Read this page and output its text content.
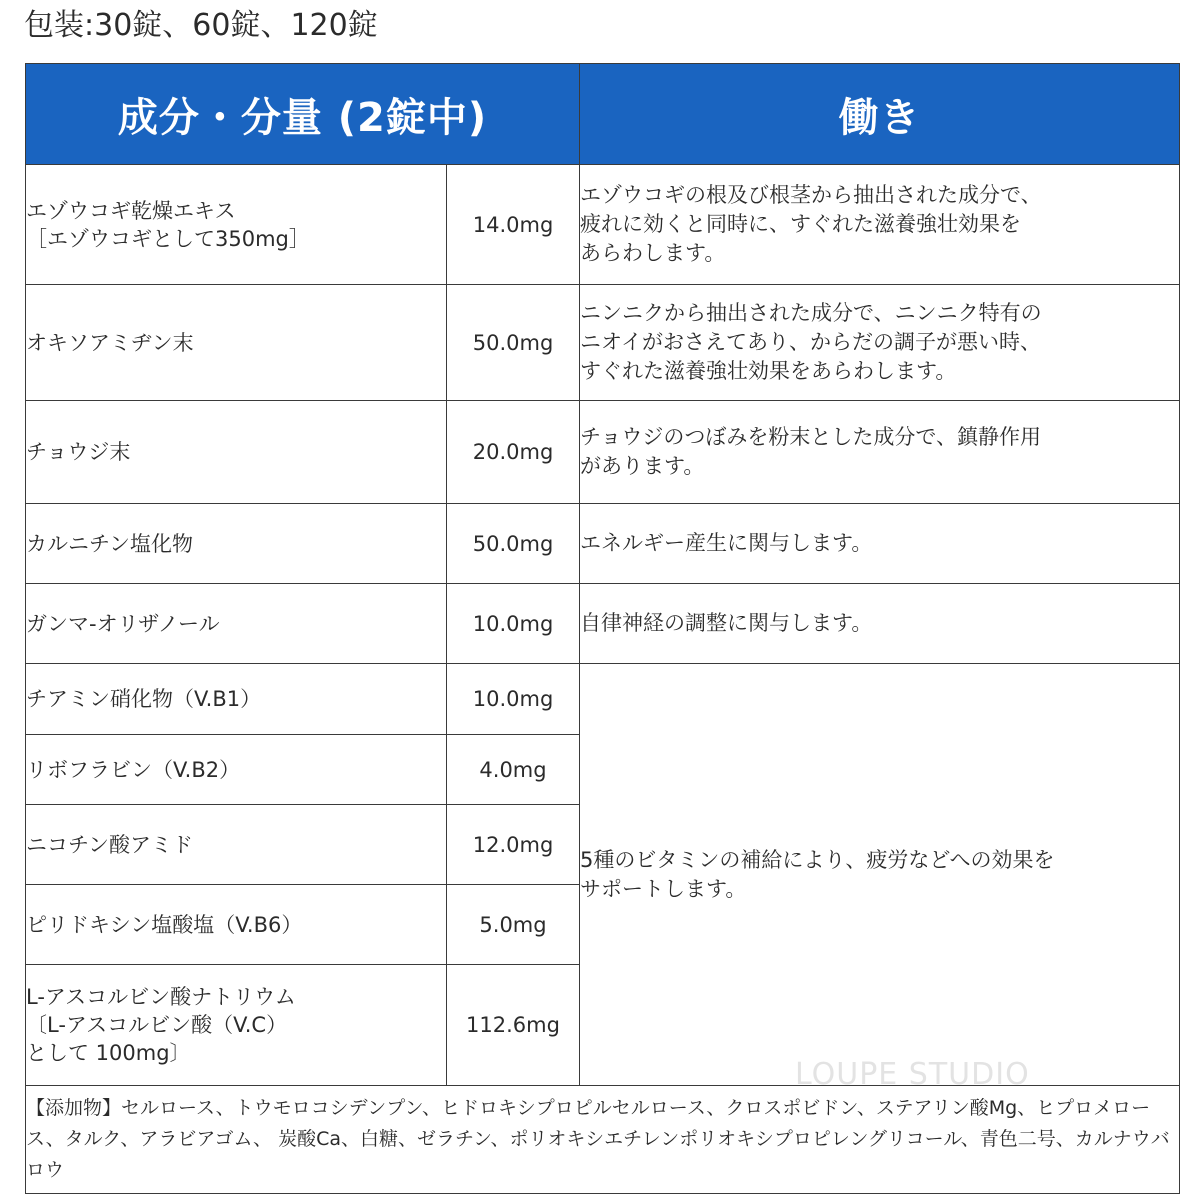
包装:30錠、60錠、120錠
成分・分量 (2錠中)		働き
エゾウコギ乾燥エキス
［エゾウコギとして350mg］	14.0mg	エゾウコギの根及び根茎から抽出された成分で、
疲れに効くと同時に、すぐれた滋養強壮効果を
あらわします。
オキソアミヂン末	50.0mg	ニンニクから抽出された成分で、ニンニク特有の
ニオイがおさえてあり、からだの調子が悪い時、
すぐれた滋養強壮効果をあらわします。
チョウジ末	20.0mg	チョウジのつぼみを粉末とした成分で、鎮静作用
があります。
カルニチン塩化物	50.0mg	エネルギー産生に関与します。
ガンマ-オリザノール	10.0mg	自律神経の調整に関与します。
チアミン硝化物（V.B1）	10.0mg	5種のビタミンの補給により、疲労などへの効果を
サポートします。
リボフラビン（V.B2）	4.0mg	
ニコチン酸アミド	12.0mg	
ピリドキシン塩酸塩（V.B6）	5.0mg	
L-アスコルビン酸ナトリウム
〔L-アスコルビン酸（V.C）
として 100mg〕	112.6mg	
【添加物】セルロース、トウモロコシデンプン、ヒドロキシプロピルセルロース、クロスポビドン、ステアリン酸Mg、ヒプロメロース、タルク、アラビアゴム、 炭酸Ca、白糖、ゼラチン、ポリオキシエチレンポリオキシプロピレングリコール、青色二号、カルナウバロウ		
LOUPE STUDIO
